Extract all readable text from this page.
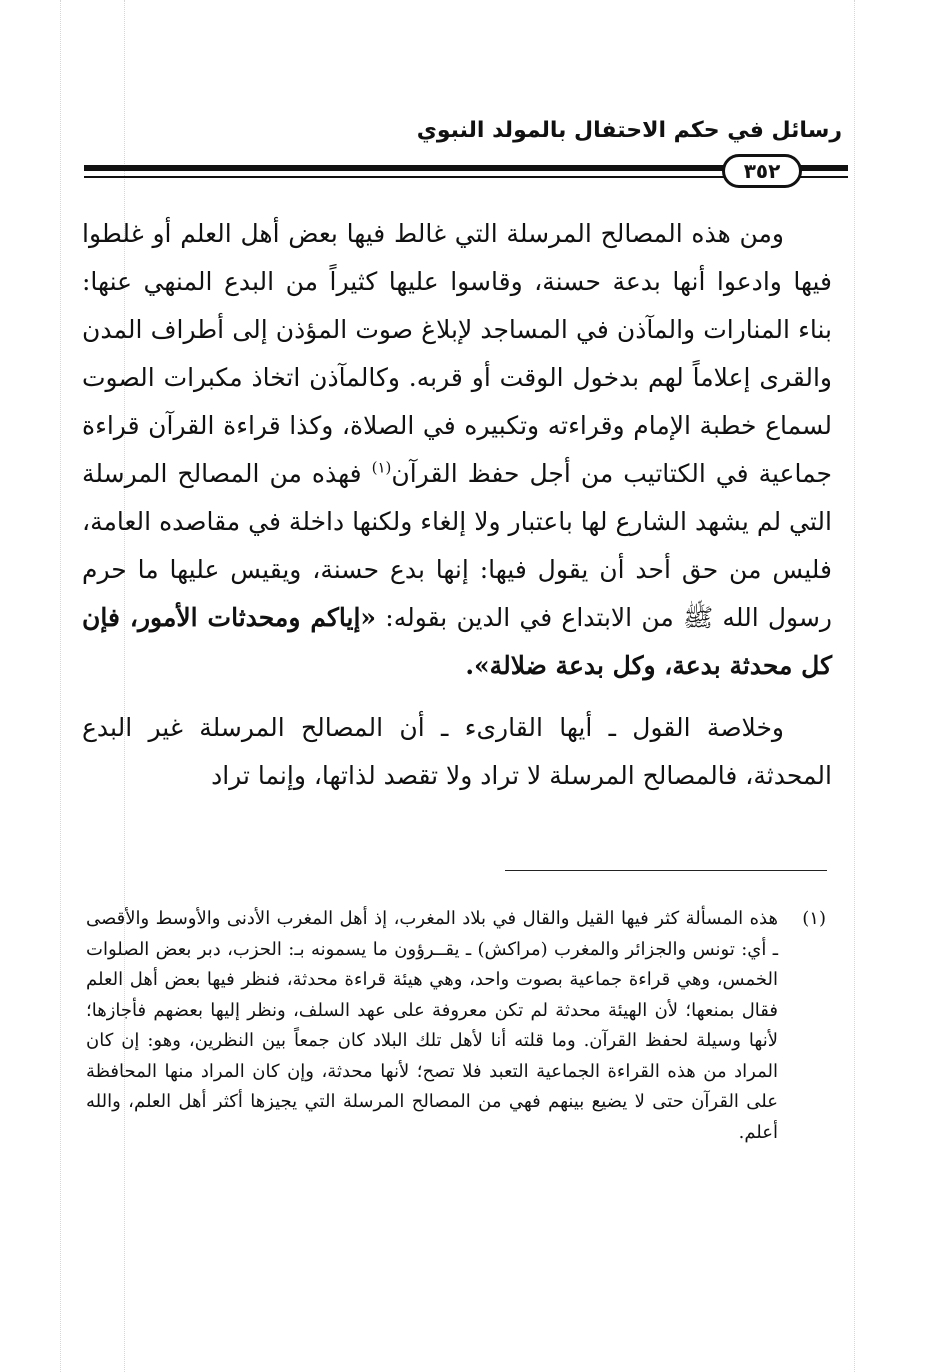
رسائل في حكم الاحتفال بالمولد النبوي
٣٥٢

ومن هذه المصالح المرسلة التي غالط فيها بعض أهل العلم أو غلطوا فيها وادعوا أنها بدعة حسنة، وقاسوا عليها كثيراً من البدع المنهي عنها: بناء المنارات والمآذن في المساجد لإبلاغ صوت المؤذن إلى أطراف المدن والقرى إعلاماً لهم بدخول الوقت أو قربه. وكالمآذن اتخاذ مكبرات الصوت لسماع خطبة الإمام وقراءته وتكبيره في الصلاة، وكذا قراءة القرآن قراءة جماعية في الكتاتيب من أجل حفظ القرآن$^{(١)}$ فهذه من المصالح المرسلة التي لم يشهد الشارع لها باعتبار ولا إلغاء ولكنها داخلة في مقاصده العامة، فليس من حق أحد أن يقول فيها: إنها بدع حسنة، ويقيس عليها ما حرم رسول الله ﷺ من الابتداع في الدين بقوله: «إياكم ومحدثات الأمور، فإن كل محدثة بدعة، وكل بدعة ضلالة».

وخلاصة القول ـ أيها القارىء ـ أن المصالح المرسلة غير البدع المحدثة، فالمصالح المرسلة لا تراد ولا تقصد لذاتها، وإنما تراد

(١)
هذه المسألة كثر فيها القيل والقال في بلاد المغرب، إذ أهل المغرب الأدنى والأوسط والأقصى ـ أي: تونس والجزائر والمغرب (مراكش) ـ يقــرؤون ما يسمونه بـ: الحزب، دبر بعض الصلوات الخمس، وهي قراءة جماعية بصوت واحد، وهي هيئة قراءة محدثة، فنظر فيها بعض أهل العلم فقال بمنعها؛ لأن الهيئة محدثة لم تكن معروفة على عهد السلف، ونظر إليها بعضهم فأجازها؛ لأنها وسيلة لحفظ القرآن. وما قلته أنا لأهل تلك البلاد كان جمعاً بين النظرين، وهو: إن كان المراد من هذه القراءة الجماعية التعبد فلا تصح؛ لأنها محدثة، وإن كان المراد منها المحافظة على القرآن حتى لا يضيع بينهم فهي من المصالح المرسلة التي يجيزها أكثر أهل العلم، والله أعلم.
